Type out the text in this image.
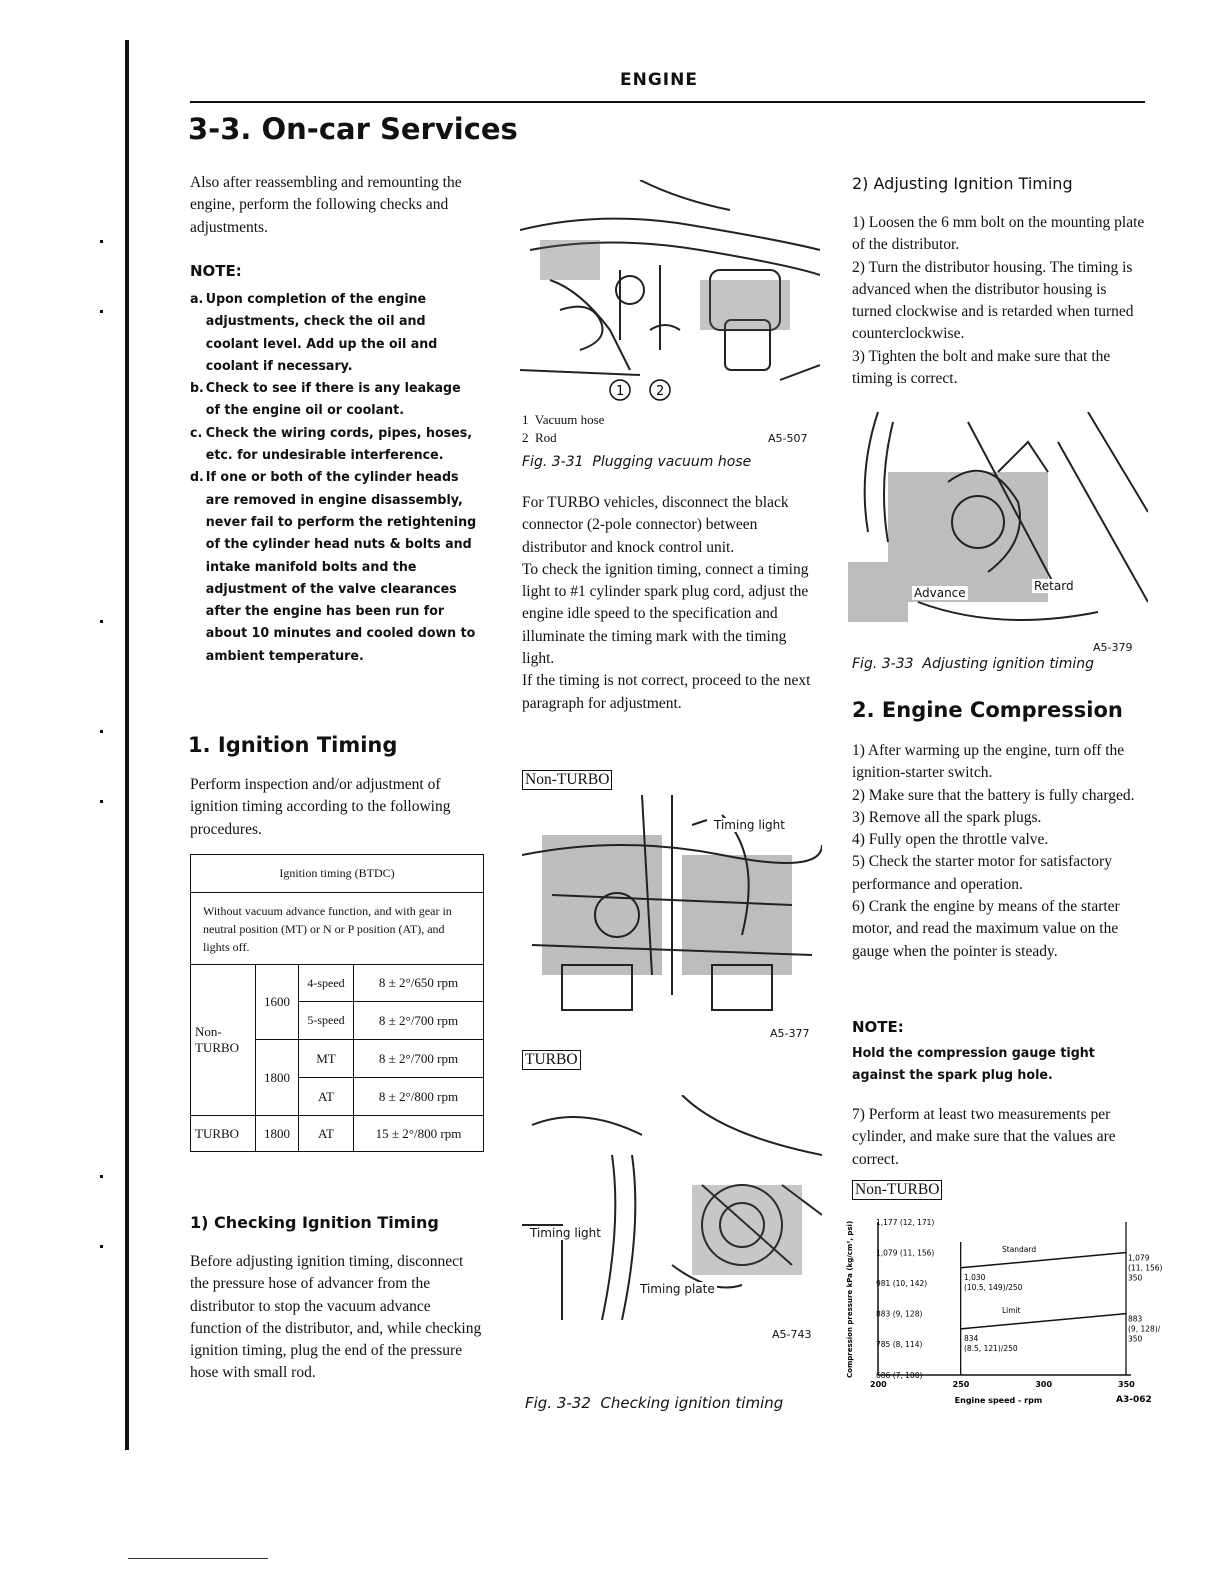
ENGINE
3-3. On-car Services
Also after reassembling and remounting the engine, perform the following checks and adjustments.
NOTE:
a. Upon completion of the engine adjustments, check the oil and coolant level. Add up the oil and coolant if necessary.
b. Check to see if there is any leakage of the engine oil or coolant.
c. Check the wiring cords, pipes, hoses, etc. for undesirable interference.
d. If one or both of the cylinder heads are removed in engine disassembly, never fail to perform the retightening of the cylinder head nuts & bolts and intake manifold bolts and the adjustment of the valve clearances after the engine has been run for about 10 minutes and cooled down to ambient temperature.
1. Ignition Timing
Perform inspection and/or adjustment of ignition timing according to the following procedures.
Ignition timing (BTDC)			
Without vacuum advance function, and with gear in neutral position (MT) or N or P position (AT), and lights off.			
Non-TURBO	1600	4-speed	8 ± 2°/650 rpm
		5-speed	8 ± 2°/700 rpm
	1800	MT	8 ± 2°/700 rpm
		AT	8 ± 2°/800 rpm
TURBO	1800	AT	15 ± 2°/800 rpm
1) Checking Ignition Timing
Before adjusting ignition timing, disconnect the pressure hose of advancer from the distributor to stop the vacuum advance function of the distributor, and, while checking ignition timing, plug the end of the pressure hose with small rod.
1 2
1  Vacuum hose
2  Rod	A5-507
Fig. 3-31  Plugging vacuum hose
For TURBO vehicles, disconnect the black connector (2-pole connector) between distributor and knock control unit.
To check the ignition timing, connect a timing light to #1 cylinder spark plug cord, adjust the engine idle speed to the specification and illuminate the timing mark with the timing light.
If the timing is not correct, proceed to the next paragraph for adjustment.
Non-TURBO
Timing light
A5-377
TURBO
Timing light
Timing plate
A5-743
Fig. 3-32  Checking ignition timing
2) Adjusting Ignition Timing
1) Loosen the 6 mm bolt on the mounting plate of the distributor.
2) Turn the distributor housing. The timing is advanced when the distributor housing is turned clockwise and is retarded when turned counterclockwise.
3) Tighten the bolt and make sure that the timing is correct.
Advance	Retard
A5-379
Fig. 3-33  Adjusting ignition timing
2. Engine Compression
1) After warming up the engine, turn off the ignition-starter switch.
2) Make sure that the battery is fully charged.
3) Remove all the spark plugs.
4) Fully open the throttle valve.
5) Check the starter motor for satisfactory performance and operation.
6) Crank the engine by means of the starter motor, and read the maximum value on the gauge when the pointer is steady.
NOTE:
Hold the compression gauge tight against the spark plug hole.
7) Perform at least two measurements per cylinder, and make sure that the values are correct.
Non-TURBO
1,177 (12, 171)
1,079 (11, 156)
981 (10, 142)
883 (9, 128)
785 (8, 114)
686 (7, 100)
200	250	300	350
Standard
Limit
1,030
(10.5, 149)/250
1,079
(11, 156)
350
834
(8.5, 121)/250
883
(9, 128)/
350
Compression pressure kPa (kg/cm², psi)
Engine speed - rpm	A3-062
